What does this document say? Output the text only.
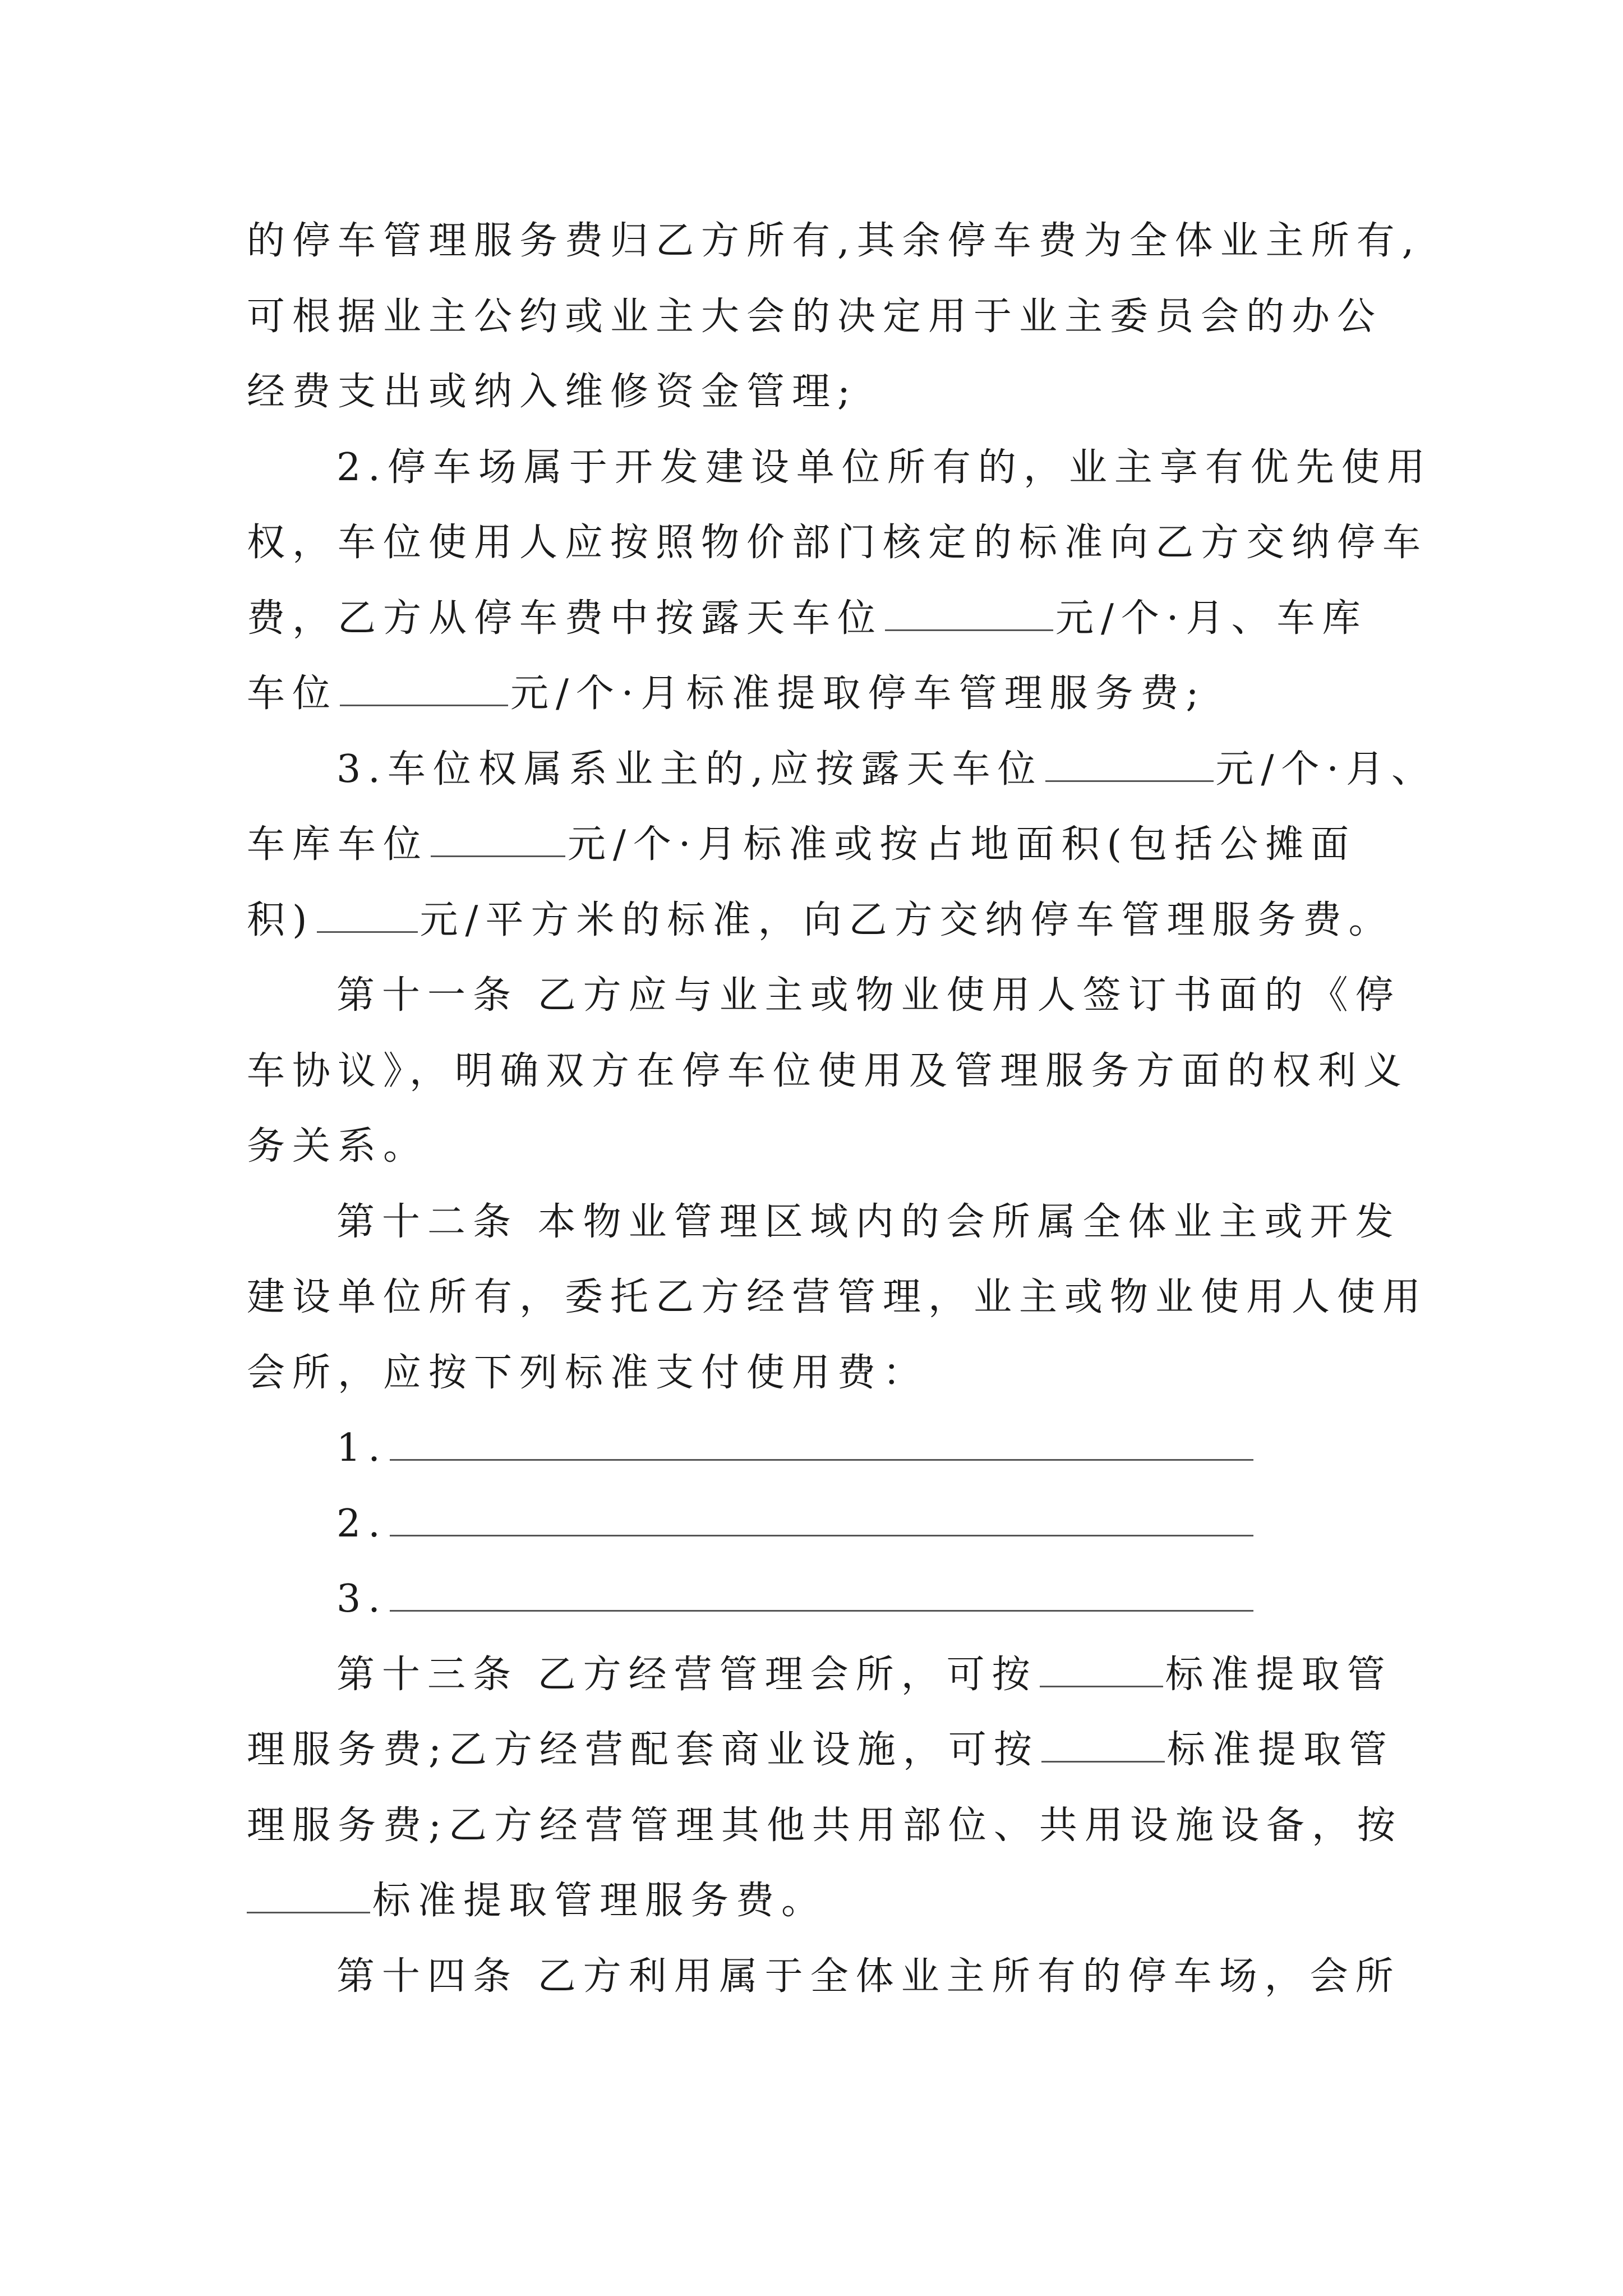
的停车管理服务费归乙方所有,其余停车费为全体业主所有,
可根据业主公约或业主大会的决定用于业主委员会的办公
经费支出或纳入维修资金管理;
2.停车场属于开发建设单位所有的，业主享有优先使用
权，车位使用人应按照物价部门核定的标准向乙方交纳停车
费，乙方从停车费中按露天车位	元/个·月、车库
车位	元/个·月标准提取停车管理服务费;
3.车位权属系业主的,应按露天车位	元/个·月、
车库车位	元/个·月标准或按占地面积(包括公摊面
积)	元/平方米的标准，向乙方交纳停车管理服务费。
第十一条 乙方应与业主或物业使用人签订书面的《停
车协议》，明确双方在停车位使用及管理服务方面的权利义
务关系。
第十二条 本物业管理区域内的会所属全体业主或开发
建设单位所有，委托乙方经营管理，业主或物业使用人使用
会所，应按下列标准支付使用费：
1.
2.
3.
第十三条 乙方经营管理会所，可按	标准提取管
理服务费;乙方经营配套商业设施，可按	标准提取管
理服务费;乙方经营管理其他共用部位、共用设施设备，按
标准提取管理服务费。
第十四条 乙方利用属于全体业主所有的停车场，会所
